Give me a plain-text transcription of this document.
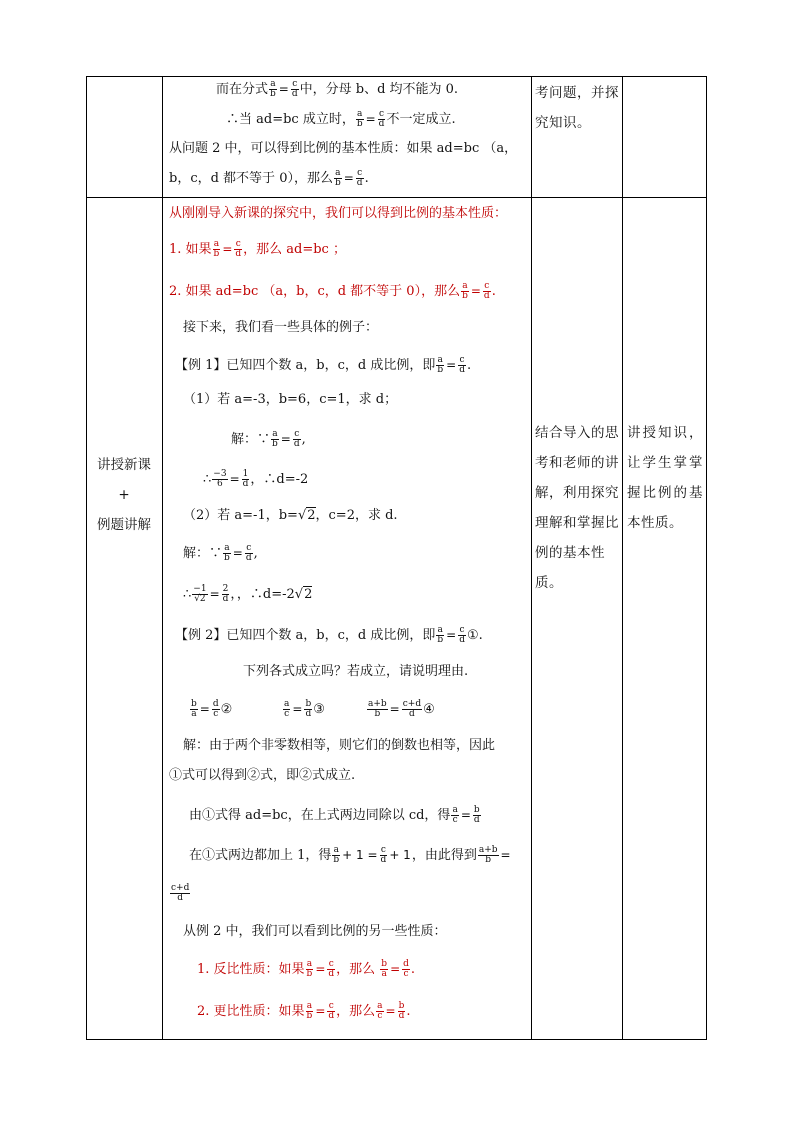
而在分式 $\frac{a}{b} = \frac{c}{d}$ 中，分母 b、d 均不能为 0.
∴当 ad=bc 成立时， $\frac{a}{b} = \frac{c}{d}$ 不一定成立.
从问题 2 中，可以得到比例的基本性质：如果 ad=bc （a，
b，c，d 都不等于 0），那么 $\frac{a}{b} = \frac{c}{d}$ .
考问题，并探究知识。
讲授新课
+
例题讲解
从刚刚导入新课的探究中，我们可以得到比例的基本性质：
1. 如果 $\frac{a}{b} = \frac{c}{d}$ ，那么 ad=bc ；
2. 如果 ad=bc （a，b，c，d 都不等于 0），那么 $\frac{a}{b} = \frac{c}{d}$ .
接下来，我们看一些具体的例子：
【例 1】已知四个数 a，b，c，d 成比例，即 $\frac{a}{b} = \frac{c}{d}$ .
（1）若 a=-3，b=6，c=1，求 d；
解：∵ $\frac{a}{b} = \frac{c}{d}$ ,
∴ $\frac{-3}{6} = \frac{1}{d}$ ，∴d=-2
（2）若 a=-1，b=√2，c=2，求 d.
解：∵ $\frac{a}{b} = \frac{c}{d}$ ,
∴ $\frac{-1}{√2} = \frac{2}{d}$ ，，∴d=-2√2
【例 2】已知四个数 a，b，c，d 成比例，即 $\frac{a}{b} = \frac{c}{d}$ ①.
下列各式成立吗？若成立，请说明理由.
$\frac{b}{a} = \frac{d}{c}$ ②	$\frac{a}{c} = \frac{b}{d}$ ③	$\frac{a+b}{b} = \frac{c+d}{d}$ ④
解：由于两个非零数相等，则它们的倒数也相等，因此
①式可以得到②式，即②式成立.
由①式得 ad=bc，在上式两边同除以 cd，得 $\frac{a}{c} = \frac{b}{d}$
在①式两边都加上 1，得 $\frac{a}{b} + 1 = \frac{c}{d} + 1$，由此得到 $\frac{a+b}{b}$ =
$\frac{c+d}{d}$
从例 2 中，我们可以看到比例的另一些性质：
1. 反比性质：如果 $\frac{a}{b} = \frac{c}{d}$ ，那么 $\frac{b}{a} = \frac{d}{c}$ .
2. 更比性质：如果 $\frac{a}{b} = \frac{c}{d}$ ，那么 $\frac{a}{c} = \frac{b}{d}$ .
结合导入的思考和老师的讲解，利用探究理解和掌握比例的基本性质。
讲授知识，让学生掌掌握比例的基本性质。
